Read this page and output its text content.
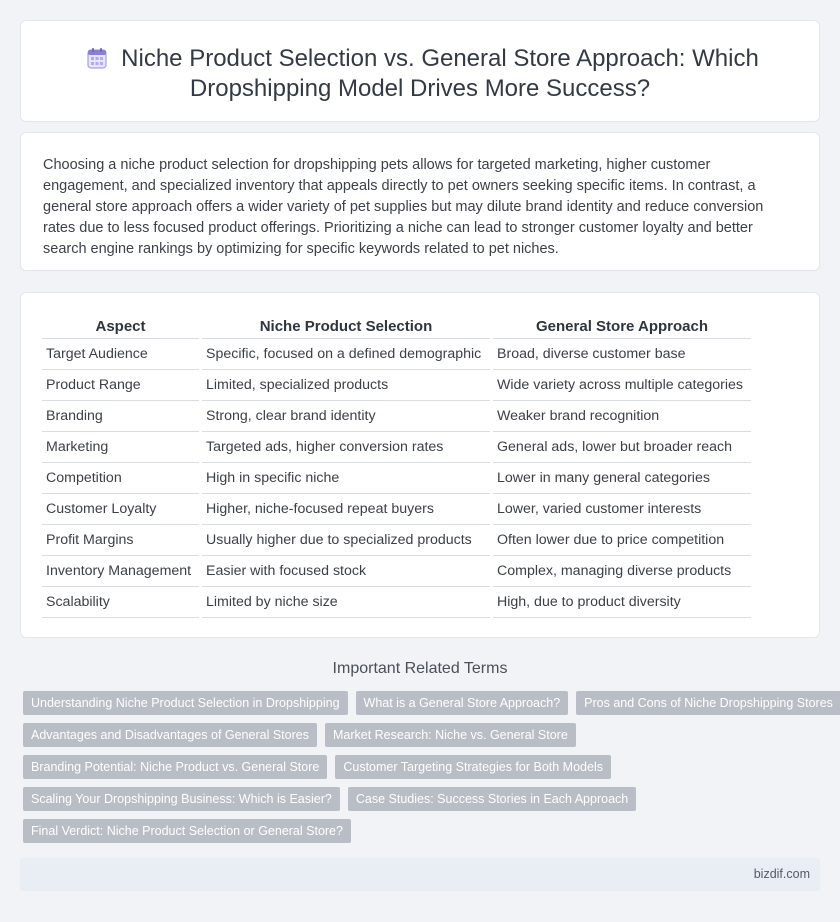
Niche Product Selection vs. General Store Approach: Which
Dropshipping Model Drives More Success?

Choosing a niche product selection for dropshipping pets allows for targeted marketing, higher customer engagement, and specialized inventory that appeals directly to pet owners seeking specific items. In contrast, a general store approach offers a wider variety of pet supplies but may dilute brand identity and reduce conversion rates due to less focused product offerings. Prioritizing a niche can lead to stronger customer loyalty and better search engine rankings by optimizing for specific keywords related to pet niches.

Aspect	Niche Product Selection	General Store Approach
Target Audience	Specific, focused on a defined demographic	Broad, diverse customer base
Product Range	Limited, specialized products	Wide variety across multiple categories
Branding	Strong, clear brand identity	Weaker brand recognition
Marketing	Targeted ads, higher conversion rates	General ads, lower but broader reach
Competition	High in specific niche	Lower in many general categories
Customer Loyalty	Higher, niche-focused repeat buyers	Lower, varied customer interests
Profit Margins	Usually higher due to specialized products	Often lower due to price competition
Inventory Management	Easier with focused stock	Complex, managing diverse products
Scalability	Limited by niche size	High, due to product diversity
Important Related Terms
Understanding Niche Product Selection in Dropshipping	What is a General Store Approach?	Pros and Cons of Niche Dropshipping Stores
Advantages and Disadvantages of General Stores	Market Research: Niche vs. General Store
Branding Potential: Niche Product vs. General Store	Customer Targeting Strategies for Both Models
Scaling Your Dropshipping Business: Which is Easier?	Case Studies: Success Stories in Each Approach
Final Verdict: Niche Product Selection or General Store?
bizdif.com
